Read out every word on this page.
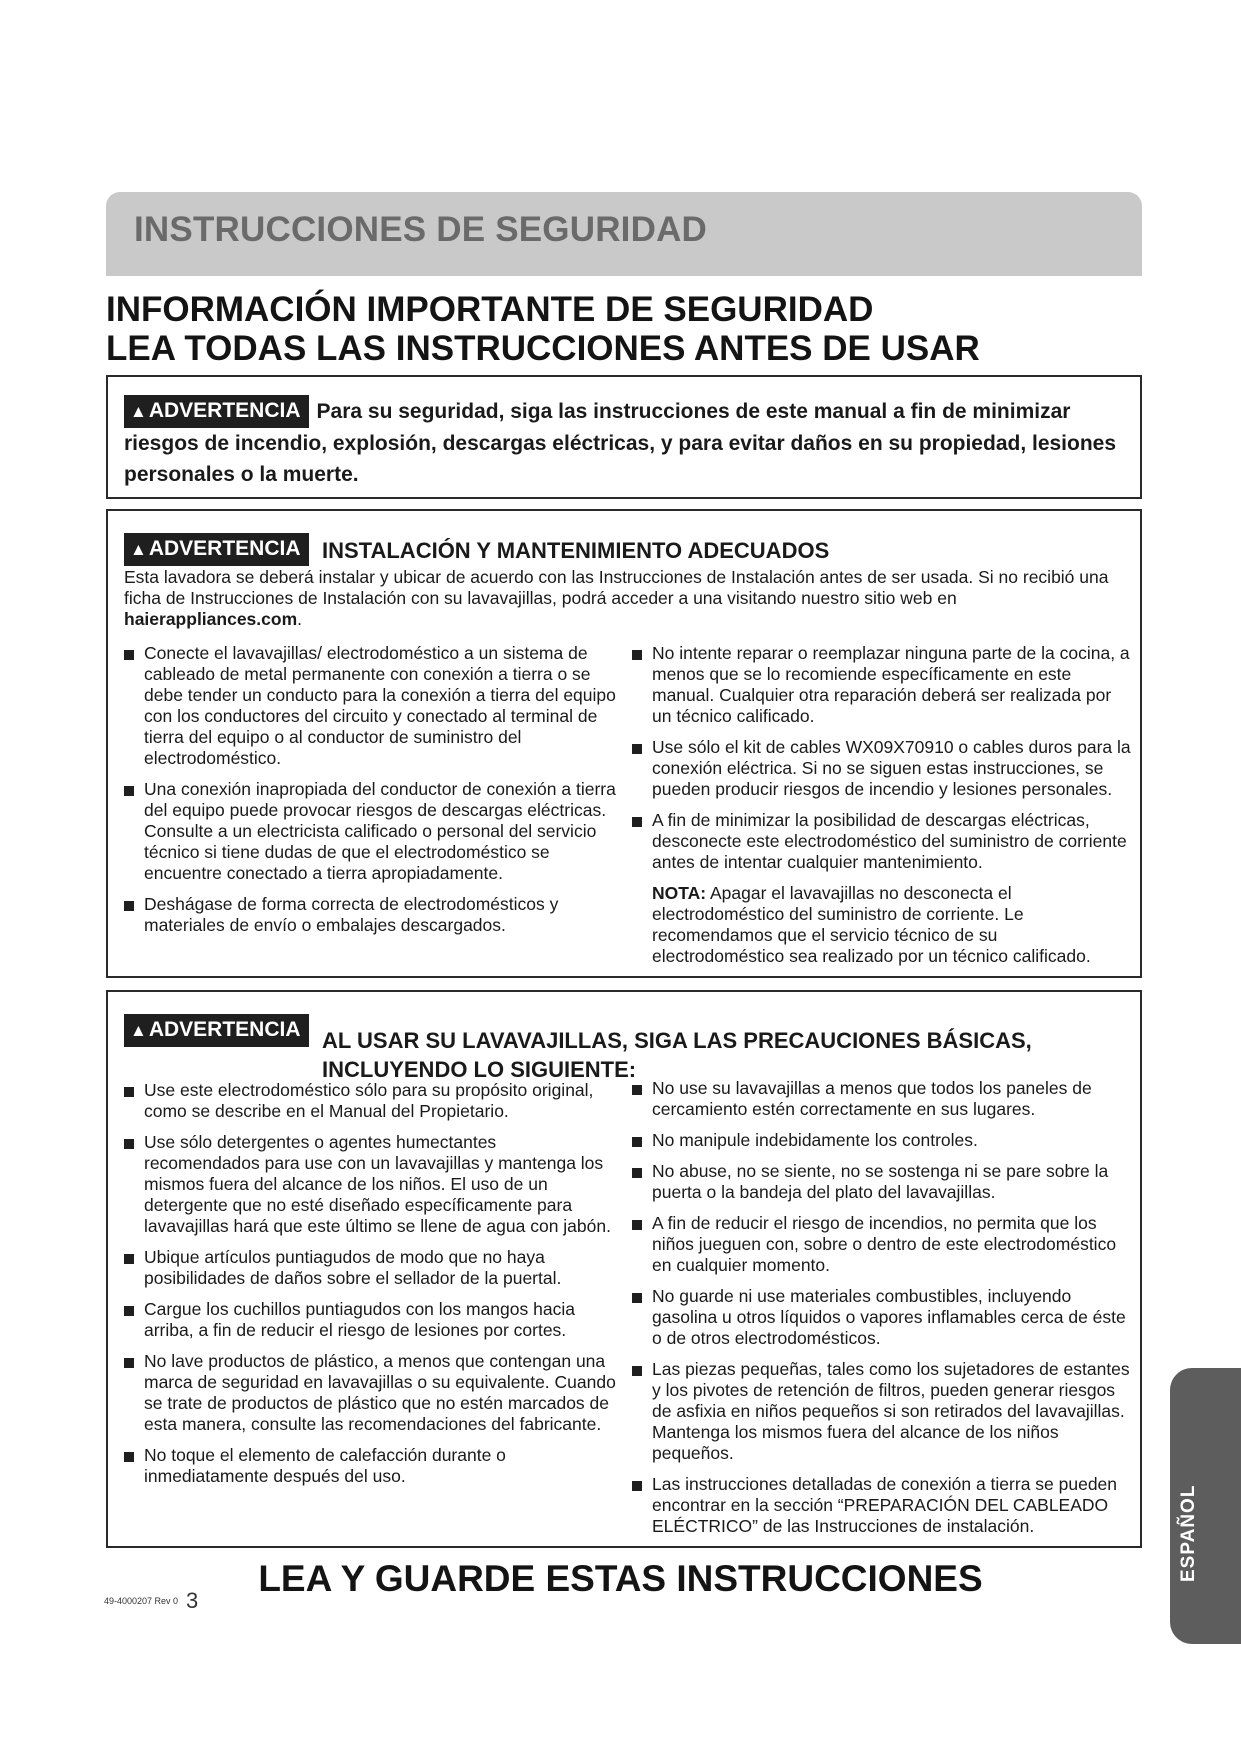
INSTRUCCIONES DE SEGURIDAD
INFORMACIÓN IMPORTANTE DE SEGURIDAD
LEA TODAS LAS INSTRUCCIONES ANTES DE USAR
▲ADVERTENCIA Para su seguridad, siga las instrucciones de este manual a fin de minimizar riesgos de incendio, explosión, descargas eléctricas, y para evitar daños en su propiedad, lesiones personales o la muerte.
▲ADVERTENCIA INSTALACIÓN Y MANTENIMIENTO ADECUADOS
Esta lavadora se deberá instalar y ubicar de acuerdo con las Instrucciones de Instalación antes de ser usada. Si no recibió una ficha de Instrucciones de Instalación con su lavavajillas, podrá acceder a una visitando nuestro sitio web en haierappliances.com.
Conecte el lavavajillas/ electrodoméstico a un sistema de cableado de metal permanente con conexión a tierra o se debe tender un conducto para la conexión a tierra del equipo con los conductores del circuito y conectado al terminal de tierra del equipo o al conductor de suministro del electrodoméstico.
Una conexión inapropiada del conductor de conexión a tierra del equipo puede provocar riesgos de descargas eléctricas. Consulte a un electricista calificado o personal del servicio técnico si tiene dudas de que el electrodoméstico se encuentre conectado a tierra apropiadamente.
Deshágase de forma correcta de electrodomésticos y materiales de envío o embalajes descargados.
No intente reparar o reemplazar ninguna parte de la cocina, a menos que se lo recomiende específicamente en este manual. Cualquier otra reparación deberá ser realizada por un técnico calificado.
Use sólo el kit de cables WX09X70910 o cables duros para la conexión eléctrica. Si no se siguen estas instrucciones, se pueden producir riesgos de incendio y lesiones personales.
A fin de minimizar la posibilidad de descargas eléctricas, desconecte este electrodoméstico del suministro de corriente antes de intentar cualquier mantenimiento.
NOTA: Apagar el lavavajillas no desconecta el electrodoméstico del suministro de corriente. Le recomendamos que el servicio técnico de su electrodoméstico sea realizado por un técnico calificado.
▲ADVERTENCIA AL USAR SU LAVAVAJILLAS, SIGA LAS PRECAUCIONES BÁSICAS,
INCLUYENDO LO SIGUIENTE:
Use este electrodoméstico sólo para su propósito original, como se describe en el Manual del Propietario.
Use sólo detergentes o agentes humectantes recomendados para use con un lavavajillas y mantenga los mismos fuera del alcance de los niños. El uso de un detergente que no esté diseñado específicamente para lavavajillas hará que este último se llene de agua con jabón.
Ubique artículos puntiagudos de modo que no haya posibilidades de daños sobre el sellador de la puertal.
Cargue los cuchillos puntiagudos con los mangos hacia arriba, a fin de reducir el riesgo de lesiones por cortes.
No lave productos de plástico, a menos que contengan una marca de seguridad en lavavajillas o su equivalente. Cuando se trate de productos de plástico que no estén marcados de esta manera, consulte las recomendaciones del fabricante.
No toque el elemento de calefacción durante o inmediatamente después del uso.
No use su lavavajillas a menos que todos los paneles de cercamiento estén correctamente en sus lugares.
No manipule indebidamente los controles.
No abuse, no se siente, no se sostenga ni se pare sobre la puerta o la bandeja del plato del lavavajillas.
A fin de reducir el riesgo de incendios, no permita que los niños jueguen con, sobre o dentro de este electrodoméstico en cualquier momento.
No guarde ni use materiales combustibles, incluyendo gasolina u otros líquidos o vapores inflamables cerca de éste o de otros electrodomésticos.
Las piezas pequeñas, tales como los sujetadores de estantes y los pivotes de retención de filtros, pueden generar riesgos de asfixia en niños pequeños si son retirados del lavavajillas. Mantenga los mismos fuera del alcance de los niños pequeños.
Las instrucciones detalladas de conexión a tierra se pueden encontrar en la sección “PREPARACIÓN DEL CABLEADO ELÉCTRICO” de las Instrucciones de instalación.
LEA Y GUARDE ESTAS INSTRUCCIONES
49-4000207 Rev 0 3
ESPAÑOL
